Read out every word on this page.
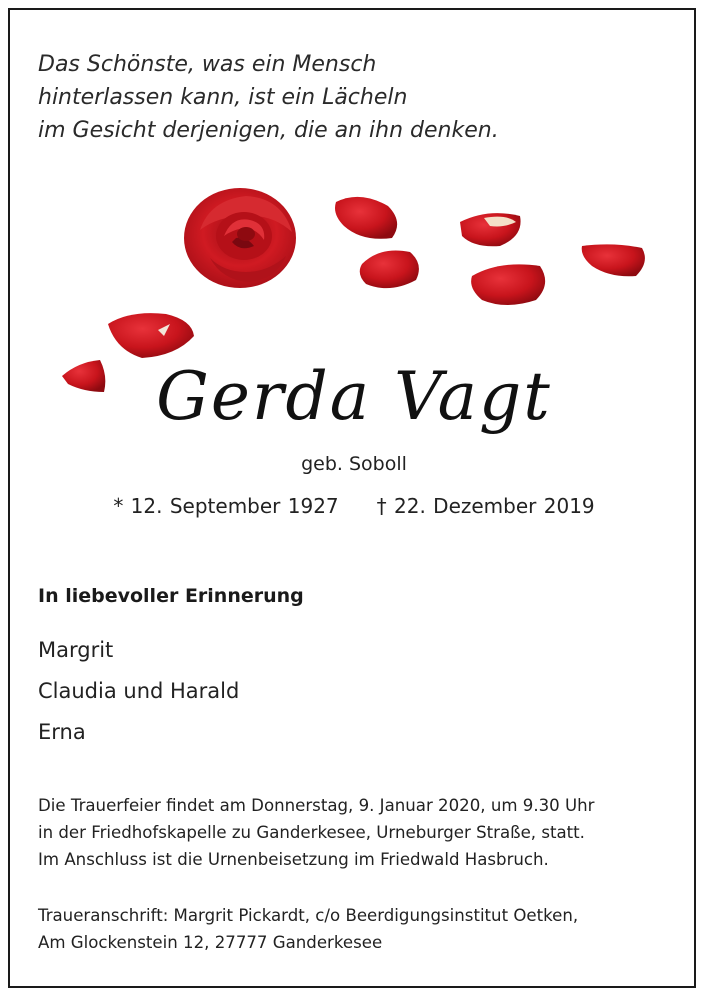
Das Schönste, was ein Mensch
hinterlassen kann, ist ein Lächeln
im Gesicht derjenigen, die an ihn denken.
Gerda Vagt
geb. Soboll
* 12. September 1927 † 22. Dezember 2019
In liebevoller Erinnerung
Margrit
Claudia und Harald
Erna
Die Trauerfeier findet am Donnerstag, 9. Januar 2020, um 9.30 Uhr
in der Friedhofskapelle zu Ganderkesee, Urneburger Straße, statt.
Im Anschluss ist die Urnenbeisetzung im Friedwald Hasbruch.
Traueranschrift: Margrit Pickardt, c/o Beerdigungsinstitut Oetken,
Am Glockenstein 12, 27777 Ganderkesee
